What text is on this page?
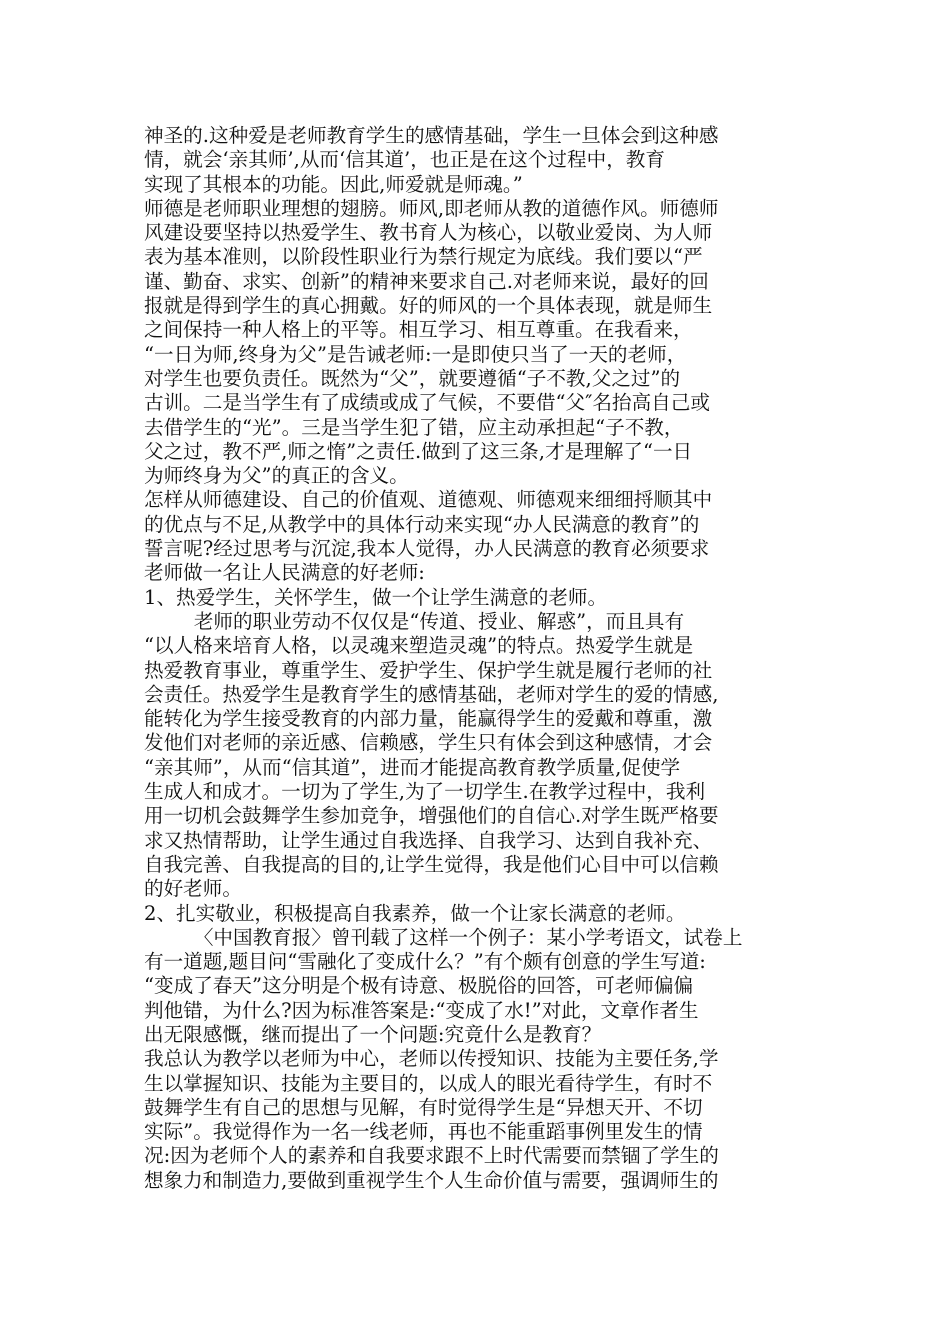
神圣的.这种爱是老师教育学生的感情基础，学生一旦体会到这种感
情，就会‘亲其师’,从而‘信其道’，也正是在这个过程中，教育
实现了其根本的功能。因此,师爱就是师魂。”
师德是老师职业理想的翅膀。师风,即老师从教的道德作风。师德师
风建设要坚持以热爱学生、教书育人为核心，以敬业爱岗、为人师
表为基本准则，以阶段性职业行为禁行规定为底线。我们要以“严
谨、勤奋、求实、创新”的精神来要求自己.对老师来说，最好的回
报就是得到学生的真心拥戴。好的师风的一个具体表现，就是师生
之间保持一种人格上的平等。相互学习、相互尊重。在我看来，
“一日为师,终身为父”是告诫老师:一是即使只当了一天的老师，
对学生也要负责任。既然为“父”，就要遵循“子不教,父之过”的
古训。二是当学生有了成绩或成了气候，不要借“父″名抬高自己或
去借学生的“光”。三是当学生犯了错，应主动承担起“子不教，
父之过，教不严,师之惰”之责任.做到了这三条,才是理解了“一日
为师终身为父”的真正的含义。
怎样从师德建设、自己的价值观、道德观、师德观来细细捋顺其中
的优点与不足,从教学中的具体行动来实现“办人民满意的教育”的
誓言呢?经过思考与沉淀,我本人觉得，办人民满意的教育必须要求
老师做一名让人民满意的好老师:
1、热爱学生，关怀学生，做一个让学生满意的老师。
老师的职业劳动不仅仅是“传道、授业、解惑”，而且具有
“以人格来培育人格，以灵魂来塑造灵魂”的特点。热爱学生就是
热爱教育事业，尊重学生、爱护学生、保护学生就是履行老师的社
会责任。热爱学生是教育学生的感情基础，老师对学生的爱的情感,
能转化为学生接受教育的内部力量，能赢得学生的爱戴和尊重，激
发他们对老师的亲近感、信赖感，学生只有体会到这种感情，才会
“亲其师”，从而“信其道”，进而才能提高教育教学质量,促使学
生成人和成才。一切为了学生,为了一切学生.在教学过程中，我利
用一切机会鼓舞学生参加竞争，增强他们的自信心.对学生既严格要
求又热情帮助，让学生通过自我选择、自我学习、达到自我补充、
自我完善、自我提高的目的,让学生觉得，我是他们心目中可以信赖
的好老师。
2、扎实敬业，积极提高自我素养，做一个让家长满意的老师。
〈中国教育报〉曾刊载了这样一个例子：某小学考语文，试卷上
有一道题,题目问“雪融化了变成什么？”有个颇有创意的学生写道:
“变成了春天”这分明是个极有诗意、极脱俗的回答，可老师偏偏
判他错，为什么?因为标准答案是:“变成了水!”对此，文章作者生
出无限感慨，继而提出了一个问题:究竟什么是教育？
我总认为教学以老师为中心，老师以传授知识、技能为主要任务,学
生以掌握知识、技能为主要目的，以成人的眼光看待学生，有时不
鼓舞学生有自己的思想与见解，有时觉得学生是“异想天开、不切
实际”。我觉得作为一名一线老师，再也不能重蹈事例里发生的情
况:因为老师个人的素养和自我要求跟不上时代需要而禁锢了学生的
想象力和制造力,要做到重视学生个人生命价值与需要，强调师生的
